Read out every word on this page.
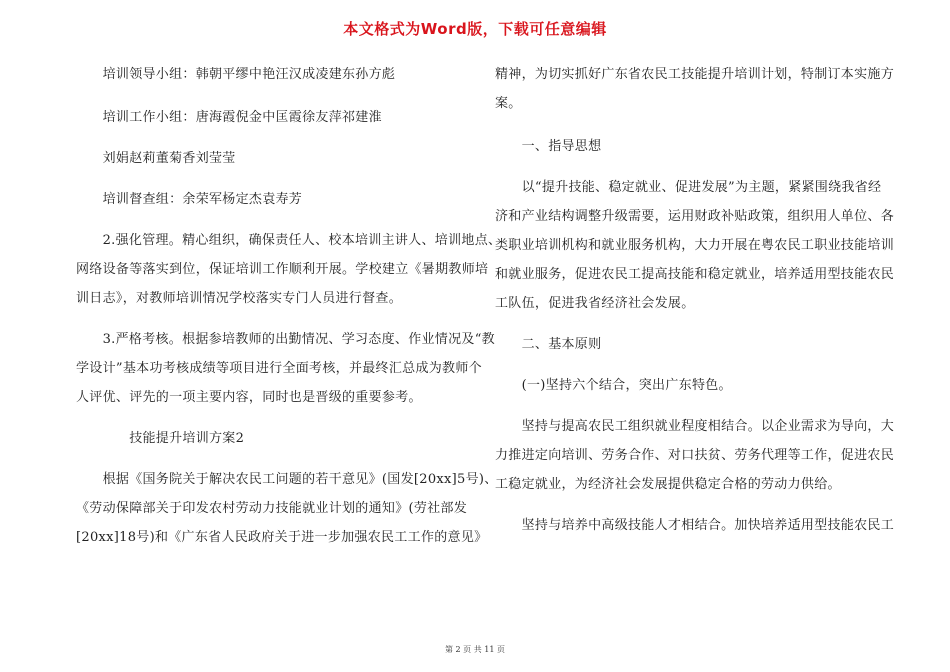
本文格式为Word版，下载可任意编辑

　　培训领导小组：韩朝平缪中艳汪汉成凌建东孙方彪

　　培训工作小组：唐海霞倪金中匡霞徐友萍祁建淮

　　刘娟赵莉董菊香刘莹莹

　　培训督查组：余荣军杨定杰袁寿芳

　　2.强化管理。精心组织，确保责任人、校本培训主讲人、培训地点、

网络设备等落实到位，保证培训工作顺利开展。学校建立《暑期教师培

训日志》，对教师培训情况学校落实专门人员进行督查。

　　3.严格考核。根据参培教师的出勤情况、学习态度、作业情况及“教

学设计”基本功考核成绩等项目进行全面考核，并最终汇总成为教师个

人评优、评先的一项主要内容，同时也是晋级的重要参考。

　　　　技能提升培训方案2

　　根据《国务院关于解决农民工问题的若干意见》(国发[20xx]5号)、

《劳动保障部关于印发农村劳动力技能就业计划的通知》(劳社部发

[20xx]18号)和《广东省人民政府关于进一步加强农民工工作的意见》

精神，为切实抓好广东省农民工技能提升培训计划，特制订本实施方

案。

　　一、指导思想

　　以“提升技能、稳定就业、促进发展”为主题，紧紧围绕我省经

济和产业结构调整升级需要，运用财政补贴政策，组织用人单位、各

类职业培训机构和就业服务机构，大力开展在粤农民工职业技能培训

和就业服务，促进农民工提高技能和稳定就业，培养适用型技能农民

工队伍，促进我省经济社会发展。

　　二、基本原则

　　(一)坚持六个结合，突出广东特色。

　　坚持与提高农民工组织就业程度相结合。以企业需求为导向，大

力推进定向培训、劳务合作、对口扶贫、劳务代理等工作，促进农民

工稳定就业，为经济社会发展提供稳定合格的劳动力供给。

　　坚持与培养中高级技能人才相结合。加快培养适用型技能农民工

第 2 页 共 11 页
